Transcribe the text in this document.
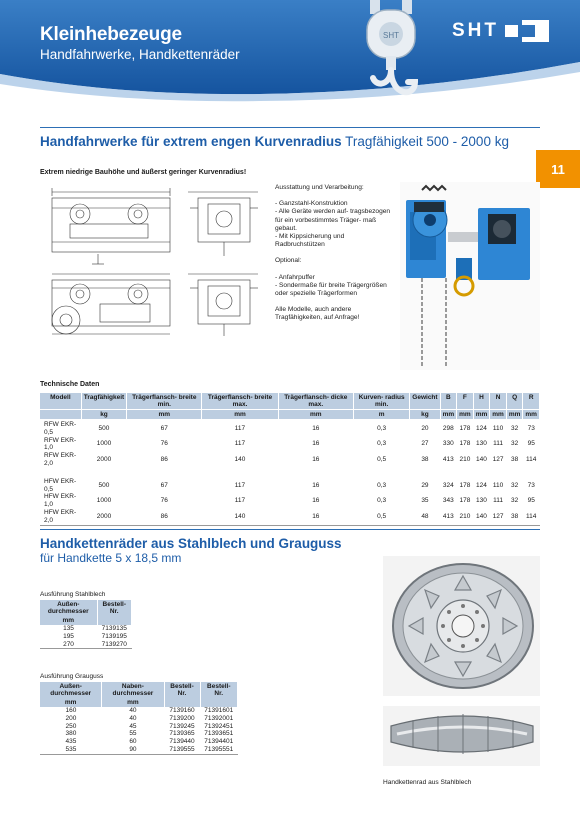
Kleinhebezeuge
Handfahrwerke, Handkettenräder
SHT	SHT
11
Handfahrwerke für extrem engen Kurvenradius Tragfähigkeit 500 - 2000 kg
Extrem niedrige Bauhöhe und äußerst geringer Kurvenradius!

Ausstattung und Verarbeitung:

- Ganzstahl-Konstruktion
- Alle Geräte werden auf- tragsbezogen für ein vorbestimmtes Träger- maß gebaut.
- Mit Kippsicherung und Radbruchstützen

Optional:

- Anfahrpuffer
- Sondermaße für breite Trägergrößen oder spezielle Trägerformen

Alle Modelle, auch andere Tragfähigkeiten, auf Anfrage!

Technische Daten
Modell	Tragfähigkeit	Trägerflansch- breite min.	Trägerflansch- breite max.	Trägerflansch- dicke max.	Kurven- radius min.	Gewicht	B	F	H	N	Q	R
	kg	mm	mm	mm	m	kg	mm	mm	mm	mm	mm	mm
RFW EKR-0,5	500	67	117	16	0,3	20	298	178	124	110	32	73
RFW EKR-1,0	1000	76	117	16	0,3	27	330	178	130	111	32	95
RFW EKR-2,0	2000	86	140	16	0,5	38	413	210	140	127	38	114

HFW EKR-0,5	500	67	117	16	0,3	29	324	178	124	110	32	73
HFW EKR-1,0	1000	76	117	16	0,3	35	343	178	130	111	32	95
HFW EKR-2,0	2000	86	140	16	0,5	48	413	210	140	127	38	114
Handkettenräder aus Stahlblech und Grauguss
für Handkette 5 x 18,5 mm
Ausführung Stahlblech
Außen- durchmesser	Bestell-Nr.
mm	
135	7139135
195	7139195
270	7139270
Ausführung Grauguss
Außen- durchmesser	Naben- durchmesser	Bestell-Nr.	Bestell-Nr.
mm	mm		
160	40	7139160	71391601
200	40	7139200	71392001
250	45	7139245	71392451
380	55	7139365	71393651
435	60	7139440	71394401
535	90	7139555	71395551
Handkettenrad aus Stahlblech
